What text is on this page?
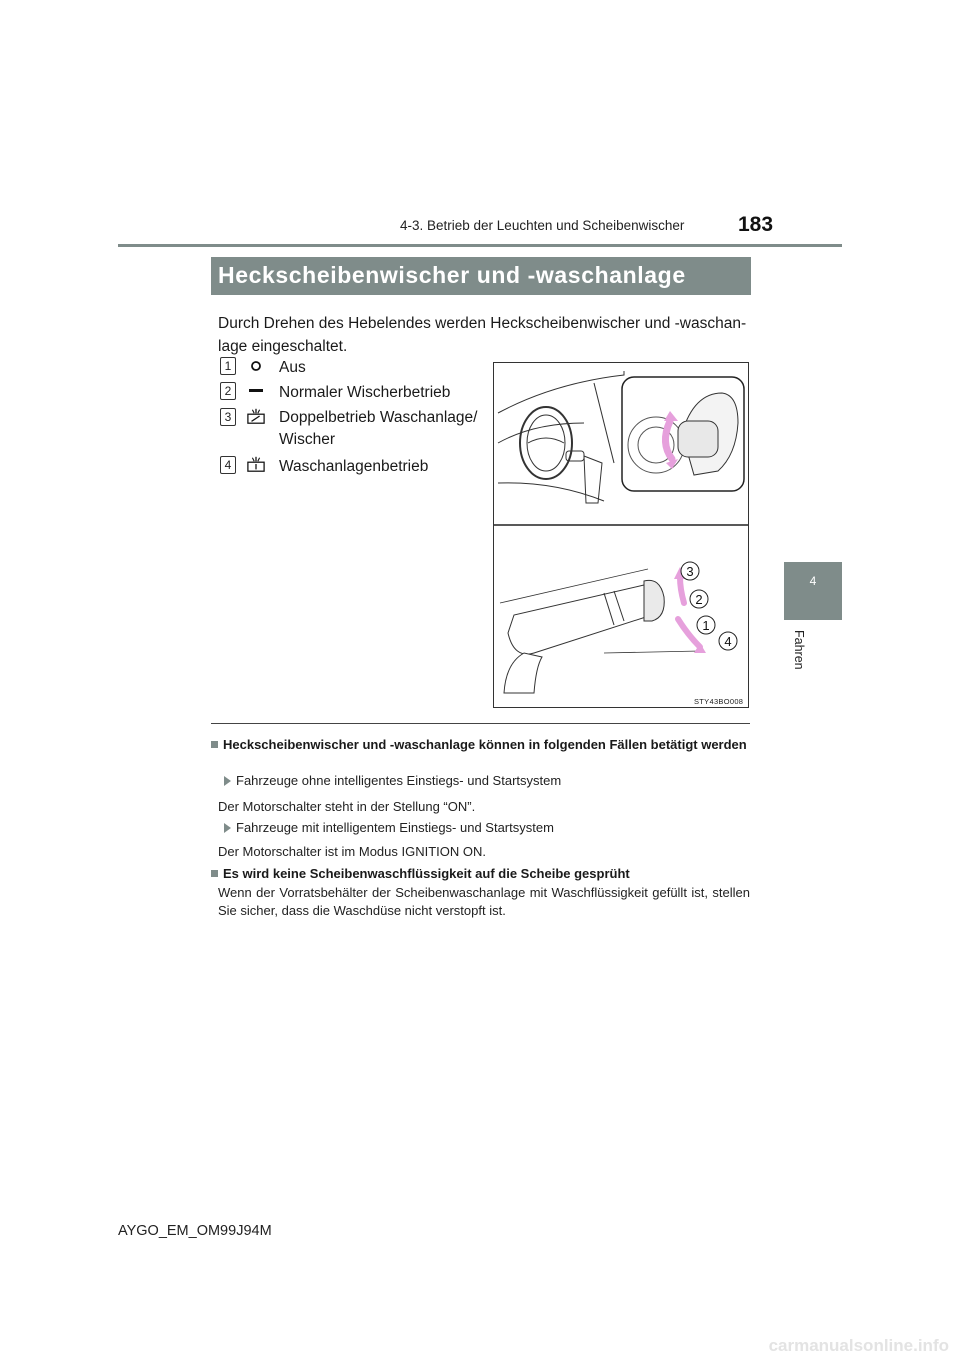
4-3. Betrieb der Leuchten und Scheibenwischer	183
4
Fahren
Heckscheibenwischer und -waschanlage
Durch Drehen des Hebelendes werden Heckscheibenwischer und -waschan-lage eingeschaltet.
1	Aus
2	Normaler Wischerbetrieb
3	Doppelbetrieb Waschanlage/
Wischer
4	Waschanlagenbetrieb
3
2
1
4
STY43BO008
Heckscheibenwischer und -waschanlage können in folgenden Fällen betätigt werden
Fahrzeuge ohne intelligentes Einstiegs- und Startsystem
Der Motorschalter steht in der Stellung “ON”.
Fahrzeuge mit intelligentem Einstiegs- und Startsystem
Der Motorschalter ist im Modus IGNITION ON.
Es wird keine Scheibenwaschflüssigkeit auf die Scheibe gesprüht
Wenn der Vorratsbehälter der Scheibenwaschanlage mit Waschflüssigkeit gefüllt ist, stellen Sie sicher, dass die Waschdüse nicht verstopft ist.
AYGO_EM_OM99J94M
carmanualsonline.info
